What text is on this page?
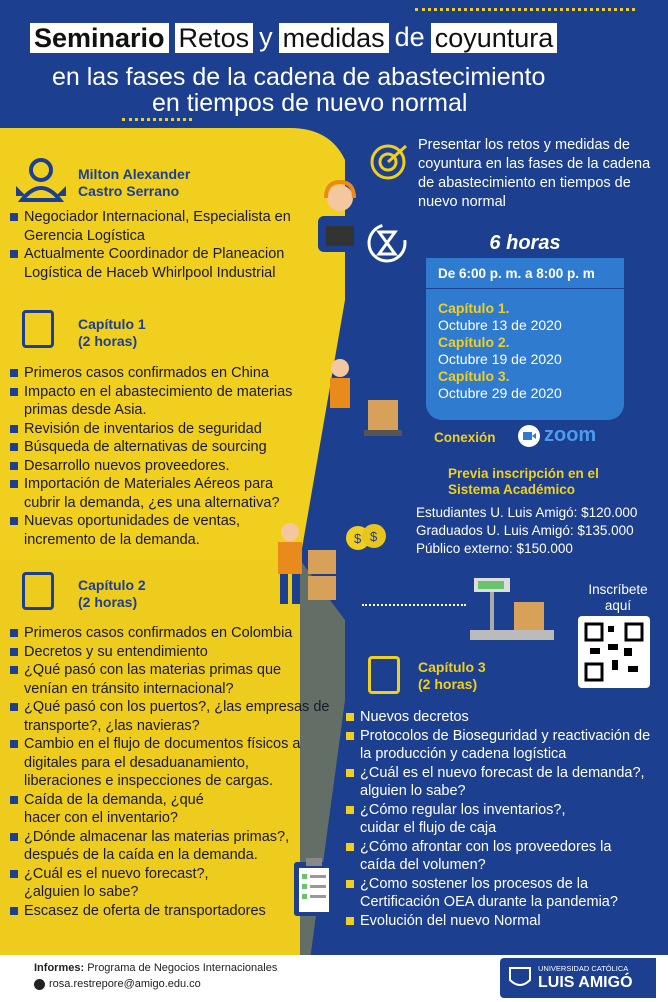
Seminario Retos y medidas de coyuntura
en las fases de la cadena de abastecimiento
en tiempos de nuevo normal
Milton Alexander Castro Serrano
Negociador Internacional, Especialista en Gerencia Logística
Actualmente Coordinador de Planeacion Logística de Haceb Whirlpool Industrial
Presentar los retos y medidas de coyuntura en las fases de la cadena de abastecimiento en tiempos de nuevo normal
6 horas
De 6:00 p. m. a 8:00 p. m
Capítulo 1.
Octubre 13 de 2020
Capítulo 2.
Octubre 19 de 2020
Capítulo 3.
Octubre 29 de 2020
Conexión zoom
Previa inscripción en el Sistema Académico
Estudiantes U. Luis Amigó: $120.000
Graduados U. Luis Amigó: $135.000
Público externo: $150.000
$ $
Inscríbete aquí
Capítulo 1
(2 horas)
Primeros casos confirmados en China
Impacto en el abastecimiento de materias primas desde Asia.
Revisión de inventarios de seguridad
Búsqueda de alternativas de sourcing
Desarrollo nuevos proveedores.
Importación de Materiales Aéreos para cubrir la demanda, ¿es una alternativa?
Nuevas oportunidades de ventas, incremento de la demanda.
Capítulo 2
(2 horas)
Primeros casos confirmados en Colombia
Decretos y su entendimiento
¿Qué pasó con las materias primas que venían en tránsito internacional?
¿Qué pasó con los puertos?, ¿las empresas de transporte?, ¿las navieras?
Cambio en el flujo de documentos físicos a digitales para el desaduanamiento, liberaciones e inspecciones de cargas.
Caída de la demanda, ¿qué hacer con el inventario?
¿Dónde almacenar las materias primas?, después de la caída en la demanda.
¿Cuál es el nuevo forecast?, ¿alguien lo sabe?
Escasez de oferta de transportadores
Capítulo 3
(2 horas)
Nuevos decretos
Protocolos de Bioseguridad y reactivación de la producción y cadena logística
¿Cuál es el nuevo forecast de la demanda?, alguien lo sabe?
¿Cómo regular los inventarios?, cuidar el flujo de caja
¿Cómo afrontar con los proveedores la caída del volumen?
¿Como sostener los procesos de la Certificación OEA durante la pandemia?
Evolución del nuevo Normal
Informes: Programa de Negocios Internacionales
rosa.restrepore@amigo.edu.co
UNIVERSIDAD CATÓLICA
LUIS AMIGÓ
